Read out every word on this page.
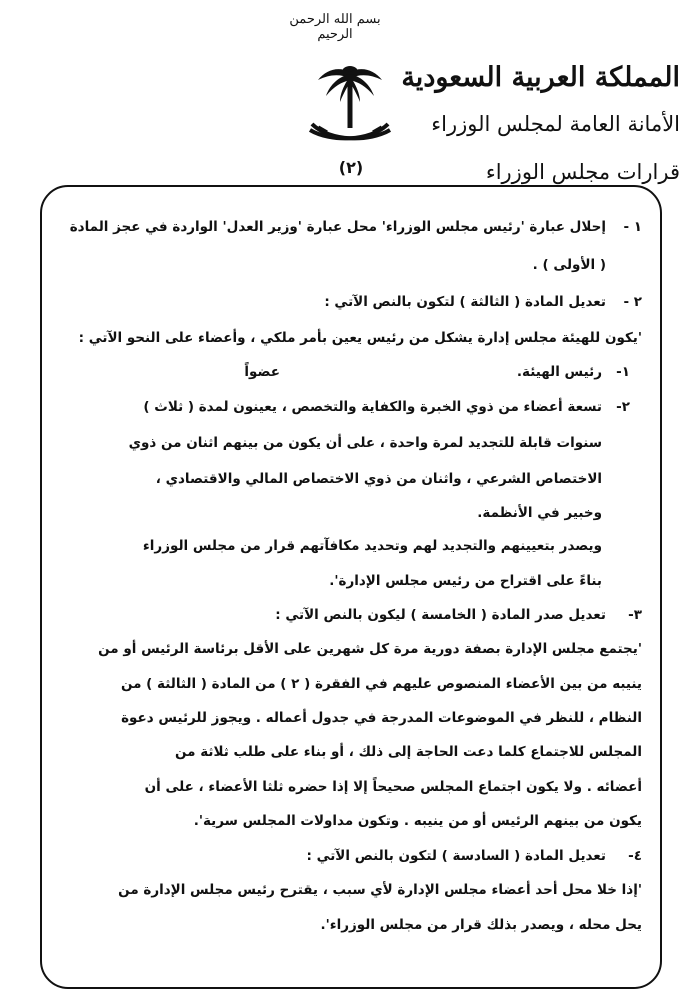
بسم الله الرحمن الرحيم
المملكة العربية السعودية
الأمانة العامة لمجلس الوزراء
قرارات مجلس الوزراء
(٢)
١ -
إحلال عبارة 'رئيس مجلس الوزراء' محل عبارة 'وزير العدل' الواردة في عجز المادة
( الأولى ) .
٢ -
تعديل المادة ( الثالثة ) لتكون بالنص الآتي :
'يكون للهيئة مجلس إدارة يشكل من رئيس يعين بأمر ملكي ، وأعضاء على النحو الآتي :
١-
رئيس الهيئة.
عضواً
٢-
تسعة أعضاء من ذوي الخبرة والكفاية والتخصص ، يعينون لمدة ( ثلاث )
سنوات قابلة للتجديد لمرة واحدة ، على أن يكون من بينهم اثنان من ذوي
الاختصاص الشرعي ، واثنان من ذوي الاختصاص المالي والاقتصادي ،
وخبير في الأنظمة.
ويصدر بتعيينهم والتجديد لهم وتحديد مكافآتهم قرار من مجلس الوزراء
بناءً على اقتراح من رئيس مجلس الإدارة'.
٣-
تعديل صدر المادة ( الخامسة ) ليكون بالنص الآتي :
'يجتمع مجلس الإدارة بصفة دورية مرة كل شهرين على الأقل برئاسة الرئيس أو من
ينيبه من بين الأعضاء المنصوص عليهم في الفقرة ( ٢ ) من المادة ( الثالثة ) من
النظام ، للنظر في الموضوعات المدرجة في جدول أعماله . ويجوز للرئيس دعوة
المجلس للاجتماع كلما دعت الحاجة إلى ذلك ، أو بناء على طلب ثلاثة من
أعضائه . ولا يكون اجتماع المجلس صحيحاً إلا إذا حضره ثلثا الأعضاء ، على أن
يكون من بينهم الرئيس أو من ينيبه . وتكون مداولات المجلس سرية'.
٤-
تعديل المادة ( السادسة ) لتكون بالنص الآتي :
'إذا خلا محل أحد أعضاء مجلس الإدارة لأي سبب ، يقترح رئيس مجلس الإدارة من
يحل محله ، ويصدر بذلك قرار من مجلس الوزراء'.
